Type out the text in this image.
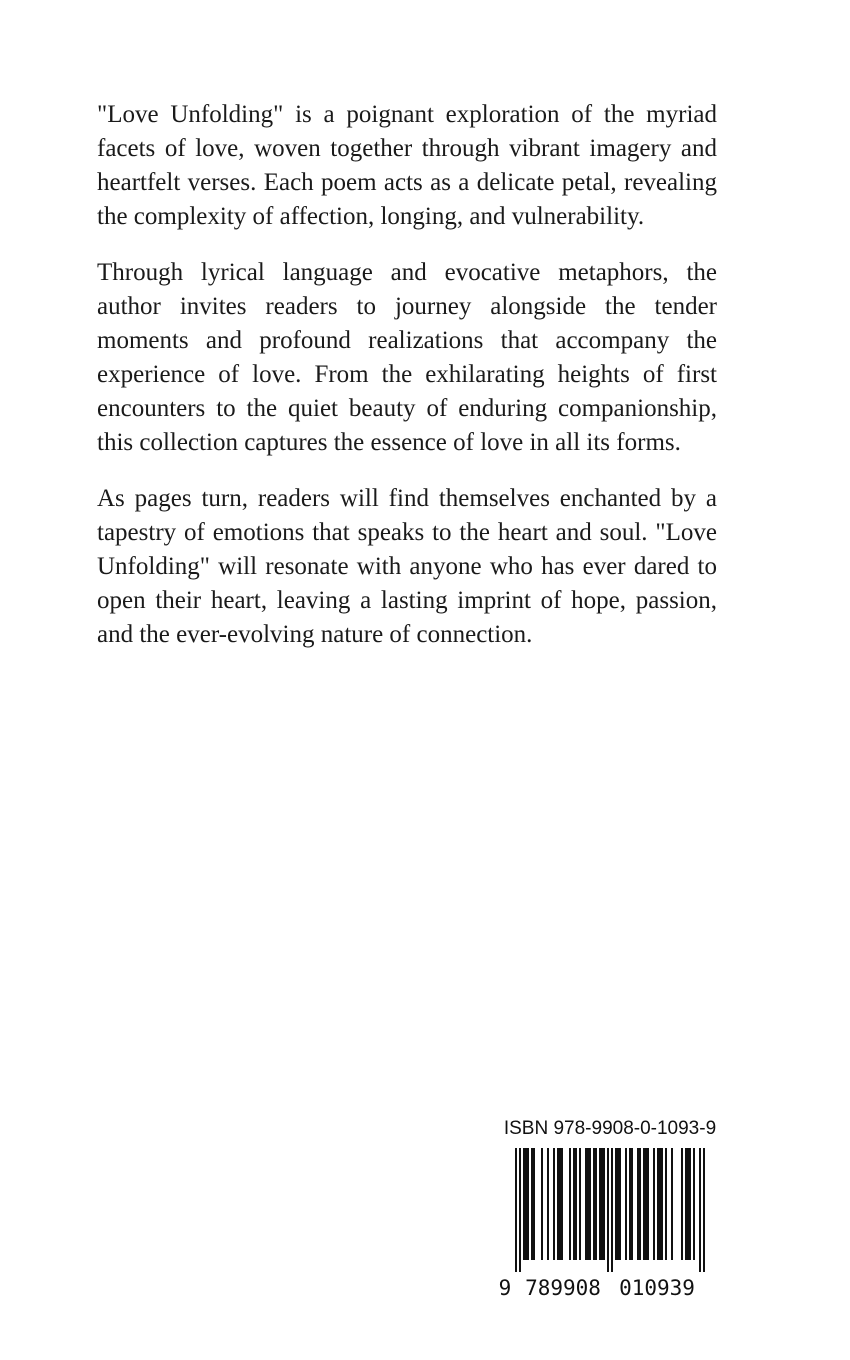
"Love Unfolding" is a poignant exploration of the myriad facets of love, woven together through vibrant imagery and heartfelt verses. Each poem acts as a delicate petal, revealing the complexity of affection, longing, and vulnerability.

Through lyrical language and evocative metaphors, the author invites readers to journey alongside the tender moments and profound realizations that accompany the experience of love. From the exhilarating heights of first encounters to the quiet beauty of enduring companionship, this collection captures the essence of love in all its forms.

As pages turn, readers will find themselves enchanted by a tapestry of emotions that speaks to the heart and soul. "Love Unfolding" will resonate with anyone who has ever dared to open their heart, leaving a lasting imprint of hope, passion, and the ever-evolving nature of connection.

ISBN 978-9908-0-1093-9
9 789908 010939
